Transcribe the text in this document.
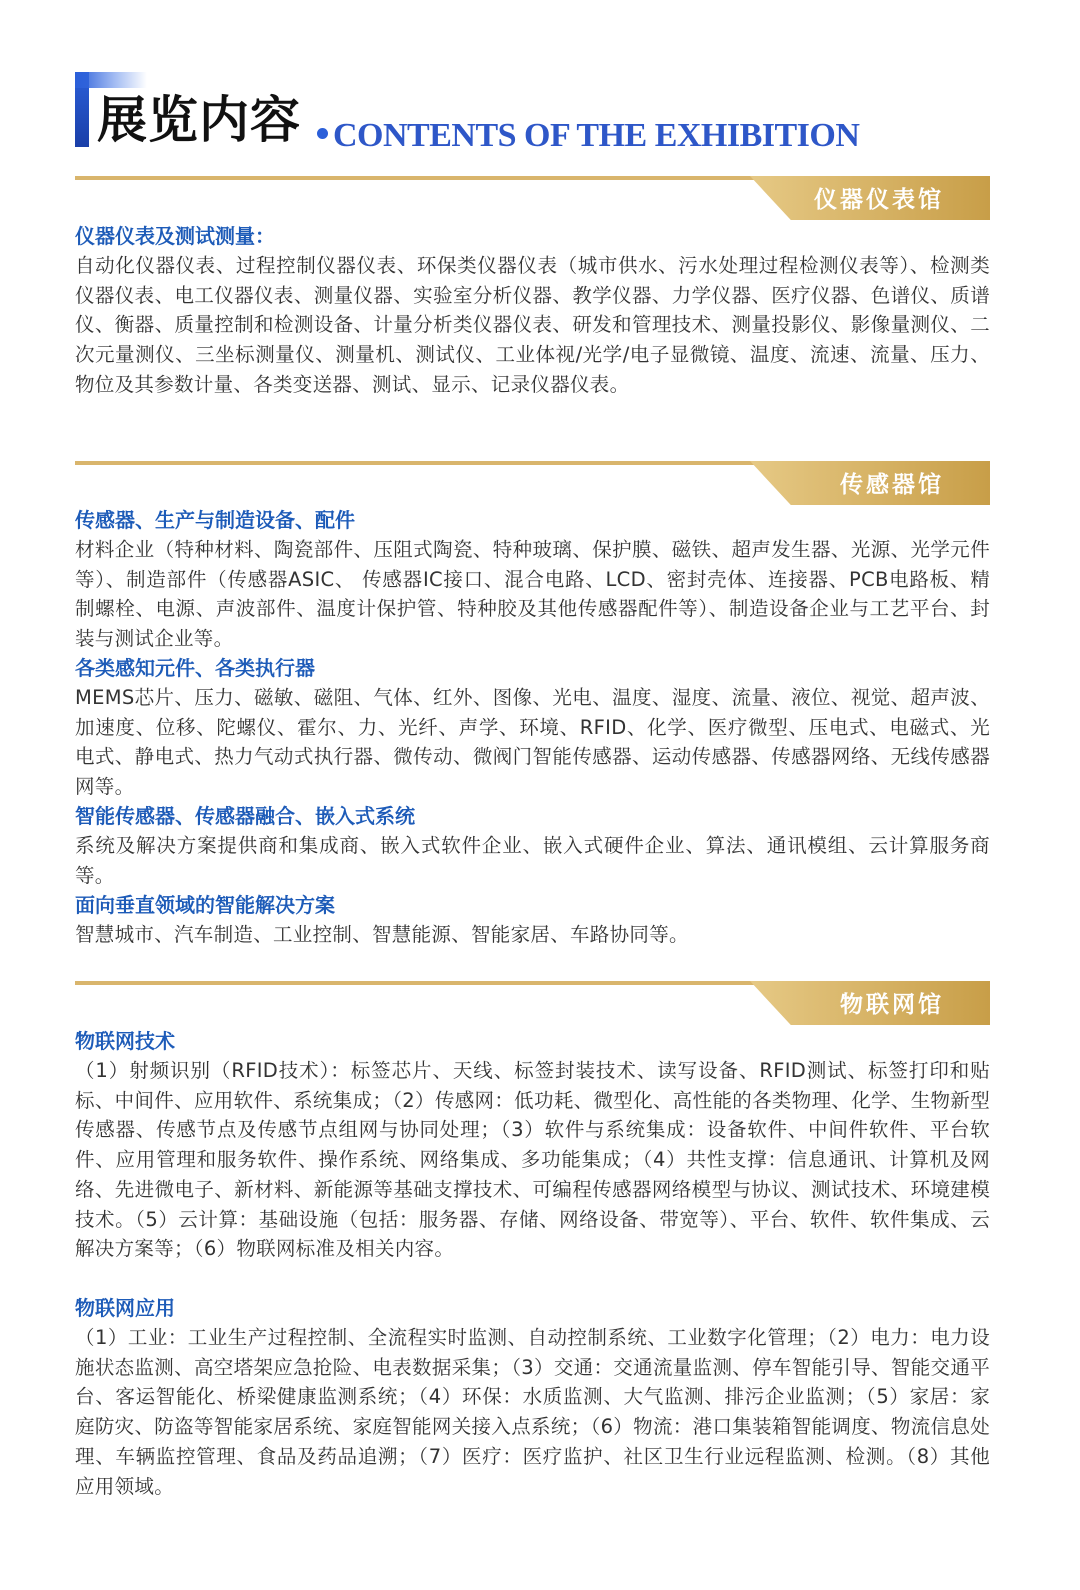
展览内容 CONTENTS OF THE EXHIBITION
仪器仪表馆
仪器仪表及测试测量：
自动化仪器仪表、过程控制仪器仪表、环保类仪器仪表（城市供水、污水处理过程检测仪表等）、检测类仪器仪表、电工仪器仪表、测量仪器、实验室分析仪器、教学仪器、力学仪器、医疗仪器、色谱仪、质谱仪、衡器、质量控制和检测设备、计量分析类仪器仪表、研发和管理技术、测量投影仪、影像量测仪、二次元量测仪、三坐标测量仪、测量机、测试仪、工业体视/光学/电子显微镜、温度、流速、流量、压力、物位及其参数计量、各类变送器、测试、显示、记录仪器仪表。
传感器馆
传感器、生产与制造设备、配件
材料企业（特种材料、陶瓷部件、压阻式陶瓷、特种玻璃、保护膜、磁铁、超声发生器、光源、光学元件等）、制造部件（传感器ASIC、 传感器IC接口、混合电路、LCD、密封壳体、连接器、PCB电路板、精制螺栓、电源、声波部件、温度计保护管、特种胶及其他传感器配件等）、制造设备企业与工艺平台、封装与测试企业等。
各类感知元件、各类执行器
MEMS芯片、压力、磁敏、磁阻、气体、红外、图像、光电、温度、湿度、流量、液位、视觉、超声波、加速度、位移、陀螺仪、霍尔、力、光纤、声学、环境、RFID、化学、医疗微型、压电式、电磁式、光电式、静电式、热力气动式执行器、微传动、微阀门智能传感器、运动传感器、传感器网络、无线传感器网等。
智能传感器、传感器融合、嵌入式系统
系统及解决方案提供商和集成商、嵌入式软件企业、嵌入式硬件企业、算法、通讯模组、云计算服务商等。
面向垂直领域的智能解决方案
智慧城市、汽车制造、工业控制、智慧能源、智能家居、车路协同等。
物联网馆
物联网技术
（1）射频识别（RFID技术）：标签芯片、天线、标签封装技术、读写设备、RFID测试、标签打印和贴标、中间件、应用软件、系统集成；（2）传感网：低功耗、微型化、高性能的各类物理、化学、生物新型传感器、传感节点及传感节点组网与协同处理；（3）软件与系统集成：设备软件、中间件软件、平台软件、应用管理和服务软件、操作系统、网络集成、多功能集成；（4）共性支撑：信息通讯、计算机及网络、先进微电子、新材料、新能源等基础支撑技术、可编程传感器网络模型与协议、测试技术、环境建模技术。（5）云计算：基础设施（包括：服务器、存储、网络设备、带宽等）、平台、软件、软件集成、云解决方案等；（6）物联网标准及相关内容。
物联网应用
（1）工业：工业生产过程控制、全流程实时监测、自动控制系统、工业数字化管理；（2）电力：电力设施状态监测、高空塔架应急抢险、电表数据采集；（3）交通：交通流量监测、停车智能引导、智能交通平台、客运智能化、桥梁健康监测系统；（4）环保：水质监测、大气监测、排污企业监测；（5）家居：家庭防灾、防盗等智能家居系统、家庭智能网关接入点系统；（6）物流：港口集装箱智能调度、物流信息处理、车辆监控管理、食品及药品追溯；（7）医疗：医疗监护、社区卫生行业远程监测、检测。（8）其他应用领域。
